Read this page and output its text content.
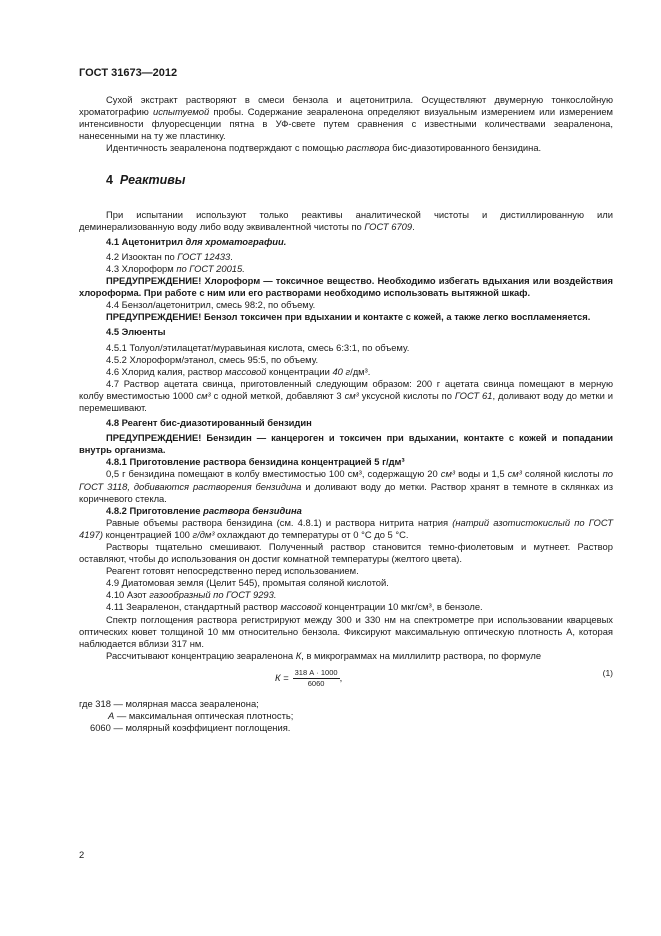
ГОСТ 31673—2012

Сухой экстракт растворяют в смеси бензола и ацетонитрила. Осуществляют двумерную тонкослойную хроматографию испытуемой пробы. Содержание зеараленона определяют визуальным измерением или измерением интенсивности флуоресценции пятна в УФ-свете путем сравнения с известными количествами зеараленона, нанесенными на ту же пластинку.

Идентичность зеараленона подтверждают с помощью раствора бис-диазотированного бензидина.

4 Реактивы

При испытании используют только реактивы аналитической чистоты и дистиллированную или деминерализованную воду либо воду эквивалентной чистоты по ГОСТ 6709.

4.1 Ацетонитрил для хроматографии.

4.2 Изооктан по ГОСТ 12433.

4.3 Хлороформ по ГОСТ 20015.

ПРЕДУПРЕЖДЕНИЕ! Хлороформ — токсичное вещество. Необходимо избегать вдыхания или воздействия хлороформа. При работе с ним или его растворами необходимо использовать вытяжной шкаф.

4.4 Бензол/ацетонитрил, смесь 98:2, по объему.

ПРЕДУПРЕЖДЕНИЕ! Бензол токсичен при вдыхании и контакте с кожей, а также легко воспламеняется.

4.5 Элюенты

4.5.1 Толуол/этилацетат/муравьиная кислота, смесь 6:3:1, по объему.

4.5.2 Хлороформ/этанол, смесь 95:5, по объему.

4.6 Хлорид калия, раствор массовой концентрации 40 г/дм³.

4.7 Раствор ацетата свинца, приготовленный следующим образом: 200 г ацетата свинца помещают в мерную колбу вместимостью 1000 см³ с одной меткой, добавляют 3 см³ уксусной кислоты по ГОСТ 61, доливают воду до метки и перемешивают.

4.8 Реагент бис-диазотированный бензидин

ПРЕДУПРЕЖДЕНИЕ! Бензидин — канцероген и токсичен при вдыхании, контакте с кожей и попадании внутрь организма.

4.8.1 Приготовление раствора бензидина концентрацией 5 г/дм³

0,5 г бензидина помещают в колбу вместимостью 100 см³, содержащую 20 см³ воды и 1,5 см³ соляной кислоты по ГОСТ 3118, добиваются растворения бензидина и доливают воду до метки. Раствор хранят в темноте в склянках из коричневого стекла.

4.8.2 Приготовление раствора бензидина

Равные объемы раствора бензидина (см. 4.8.1) и раствора нитрита натрия (натрий азотистокислый по ГОСТ 4197) концентрацией 100 г/дм³ охлаждают до температуры от 0 °С до 5 °С.

Растворы тщательно смешивают. Полученный раствор становится темно-фиолетовым и мутнеет. Раствор оставляют, чтобы до использования он достиг комнатной температуры (желтого цвета).

Реагент готовят непосредственно перед использованием.

4.9 Диатомовая земля (Целит 545), промытая соляной кислотой.

4.10 Азот газообразный по ГОСТ 9293.

4.11 Зеараленон, стандартный раствор массовой концентрации 10 мкг/см³, в бензоле.

Спектр поглощения раствора регистрируют между 300 и 330 нм на спектрометре при использовании кварцевых оптических кювет толщиной 10 мм относительно бензола. Фиксируют максимальную оптическую плотность А, которая наблюдается вблизи 317 нм.

Рассчитывают концентрацию зеараленона К, в микрограммах на миллилитр раствора, по формуле

$К = \frac{318 А \cdot 1000}{6060}$ ,	(1)

где 318 — молярная масса зеараленона;

А — максимальная оптическая плотность;

6060 — молярный коэффициент поглощения.

2
